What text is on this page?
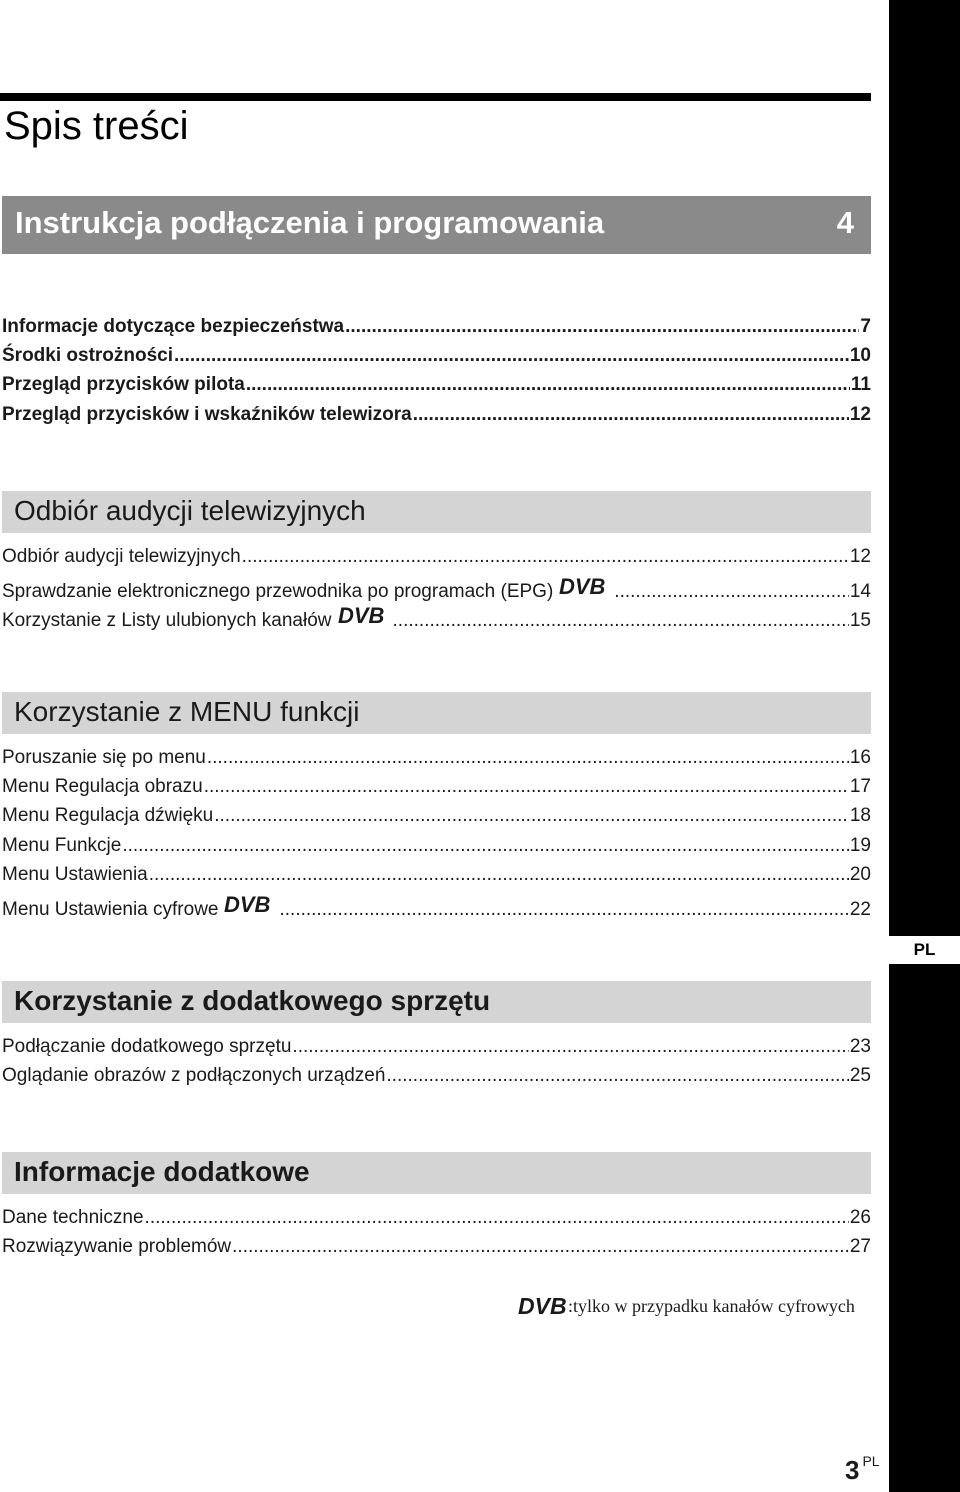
PL
Spis treści
Instrukcja podłączenia i programowania	4
Informacje dotyczące bezpieczeństwa .....	7
Środki ostrożności .....	10
Przegląd przycisków pilota .....	11
Przegląd przycisków i wskaźników telewizora .....	12
Odbiór audycji telewizyjnych
Odbiór audycji telewizyjnych .....	12
Sprawdzanie elektronicznego przewodnika po programach (EPG) DVB .....	14
Korzystanie z Listy ulubionych kanałów DVB .....	15
Korzystanie z MENU funkcji
Poruszanie się po menu .....	16
Menu Regulacja obrazu .....	17
Menu Regulacja dźwięku .....	18
Menu Funkcje .....	19
Menu Ustawienia .....	20
Menu Ustawienia cyfrowe DVB .....	22
Korzystanie z dodatkowego sprzętu
Podłączanie dodatkowego sprzętu .....	23
Oglądanie obrazów z podłączonych urządzeń .....	25
Informacje dodatkowe
Dane techniczne .....	26
Rozwiązywanie problemów .....	27
DVB :tylko w przypadku kanałów cyfrowych
3 $^{PL}$
